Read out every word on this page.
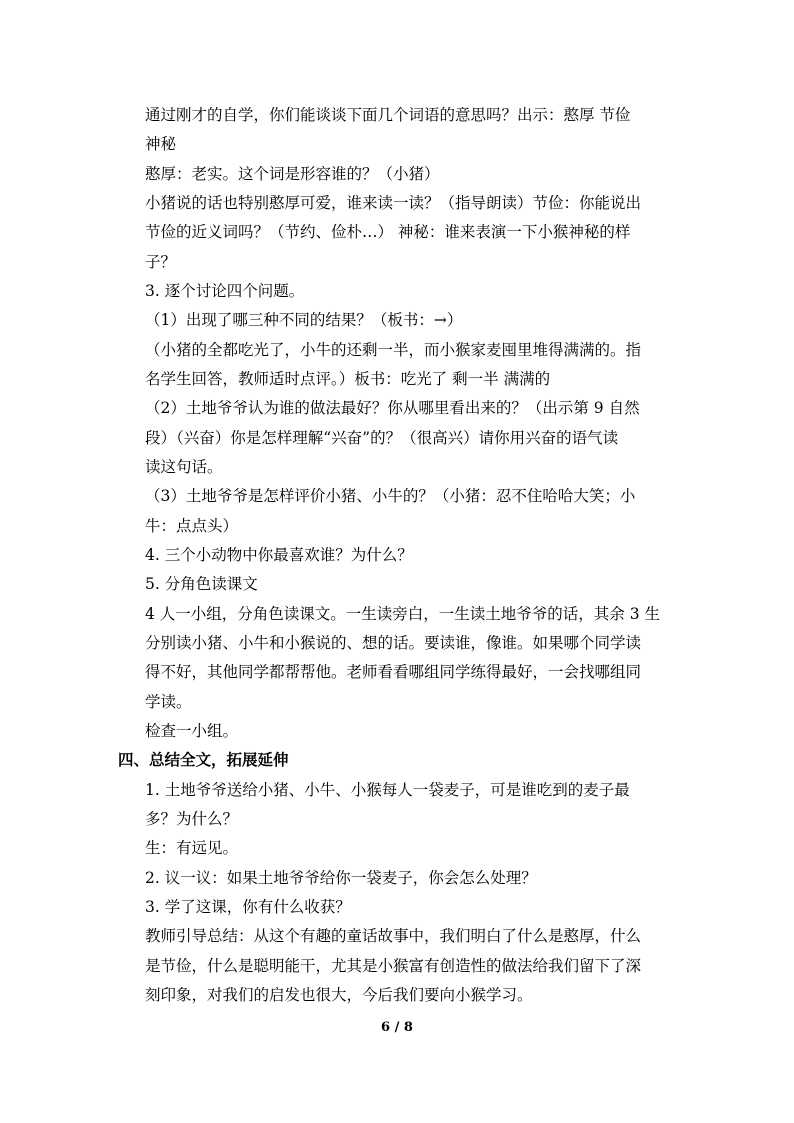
通过刚才的自学，你们能谈谈下面几个词语的意思吗？出示：憨厚 节俭
神秘
憨厚：老实。这个词是形容谁的？（小猪）
小猪说的话也特别憨厚可爱，谁来读一读？（指导朗读）节俭：你能说出
节俭的近义词吗？（节约、俭朴…） 神秘：谁来表演一下小猴神秘的样
子？
3. 逐个讨论四个问题。
（1）出现了哪三种不同的结果？（板书：→）
（小猪的全都吃光了，小牛的还剩一半，而小猴家麦囤里堆得满满的。指
名学生回答，教师适时点评。）板书：吃光了 剩一半 满满的
（2）土地爷爷认为谁的做法最好？你从哪里看出来的？（出示第 9 自然
段）（兴奋）你是怎样理解“兴奋”的？（很高兴）请你用兴奋的语气读
读这句话。
（3）土地爷爷是怎样评价小猪、小牛的？（小猪：忍不住哈哈大笑；小
牛：点点头）
4. 三个小动物中你最喜欢谁？为什么？
5. 分角色读课文
4 人一小组，分角色读课文。一生读旁白，一生读土地爷爷的话，其余 3 生
分别读小猪、小牛和小猴说的、想的话。要读谁，像谁。如果哪个同学读
得不好，其他同学都帮帮他。老师看看哪组同学练得最好，一会找哪组同
学读。
检查一小组。
四、总结全文，拓展延伸
1. 土地爷爷送给小猪、小牛、小猴每人一袋麦子，可是谁吃到的麦子最
多？为什么？
生：有远见。
2. 议一议：如果土地爷爷给你一袋麦子，你会怎么处理？
3. 学了这课，你有什么收获？
教师引导总结：从这个有趣的童话故事中，我们明白了什么是憨厚，什么
是节俭，什么是聪明能干，尤其是小猴富有创造性的做法给我们留下了深
刻印象，对我们的启发也很大，今后我们要向小猴学习。
6 / 8
